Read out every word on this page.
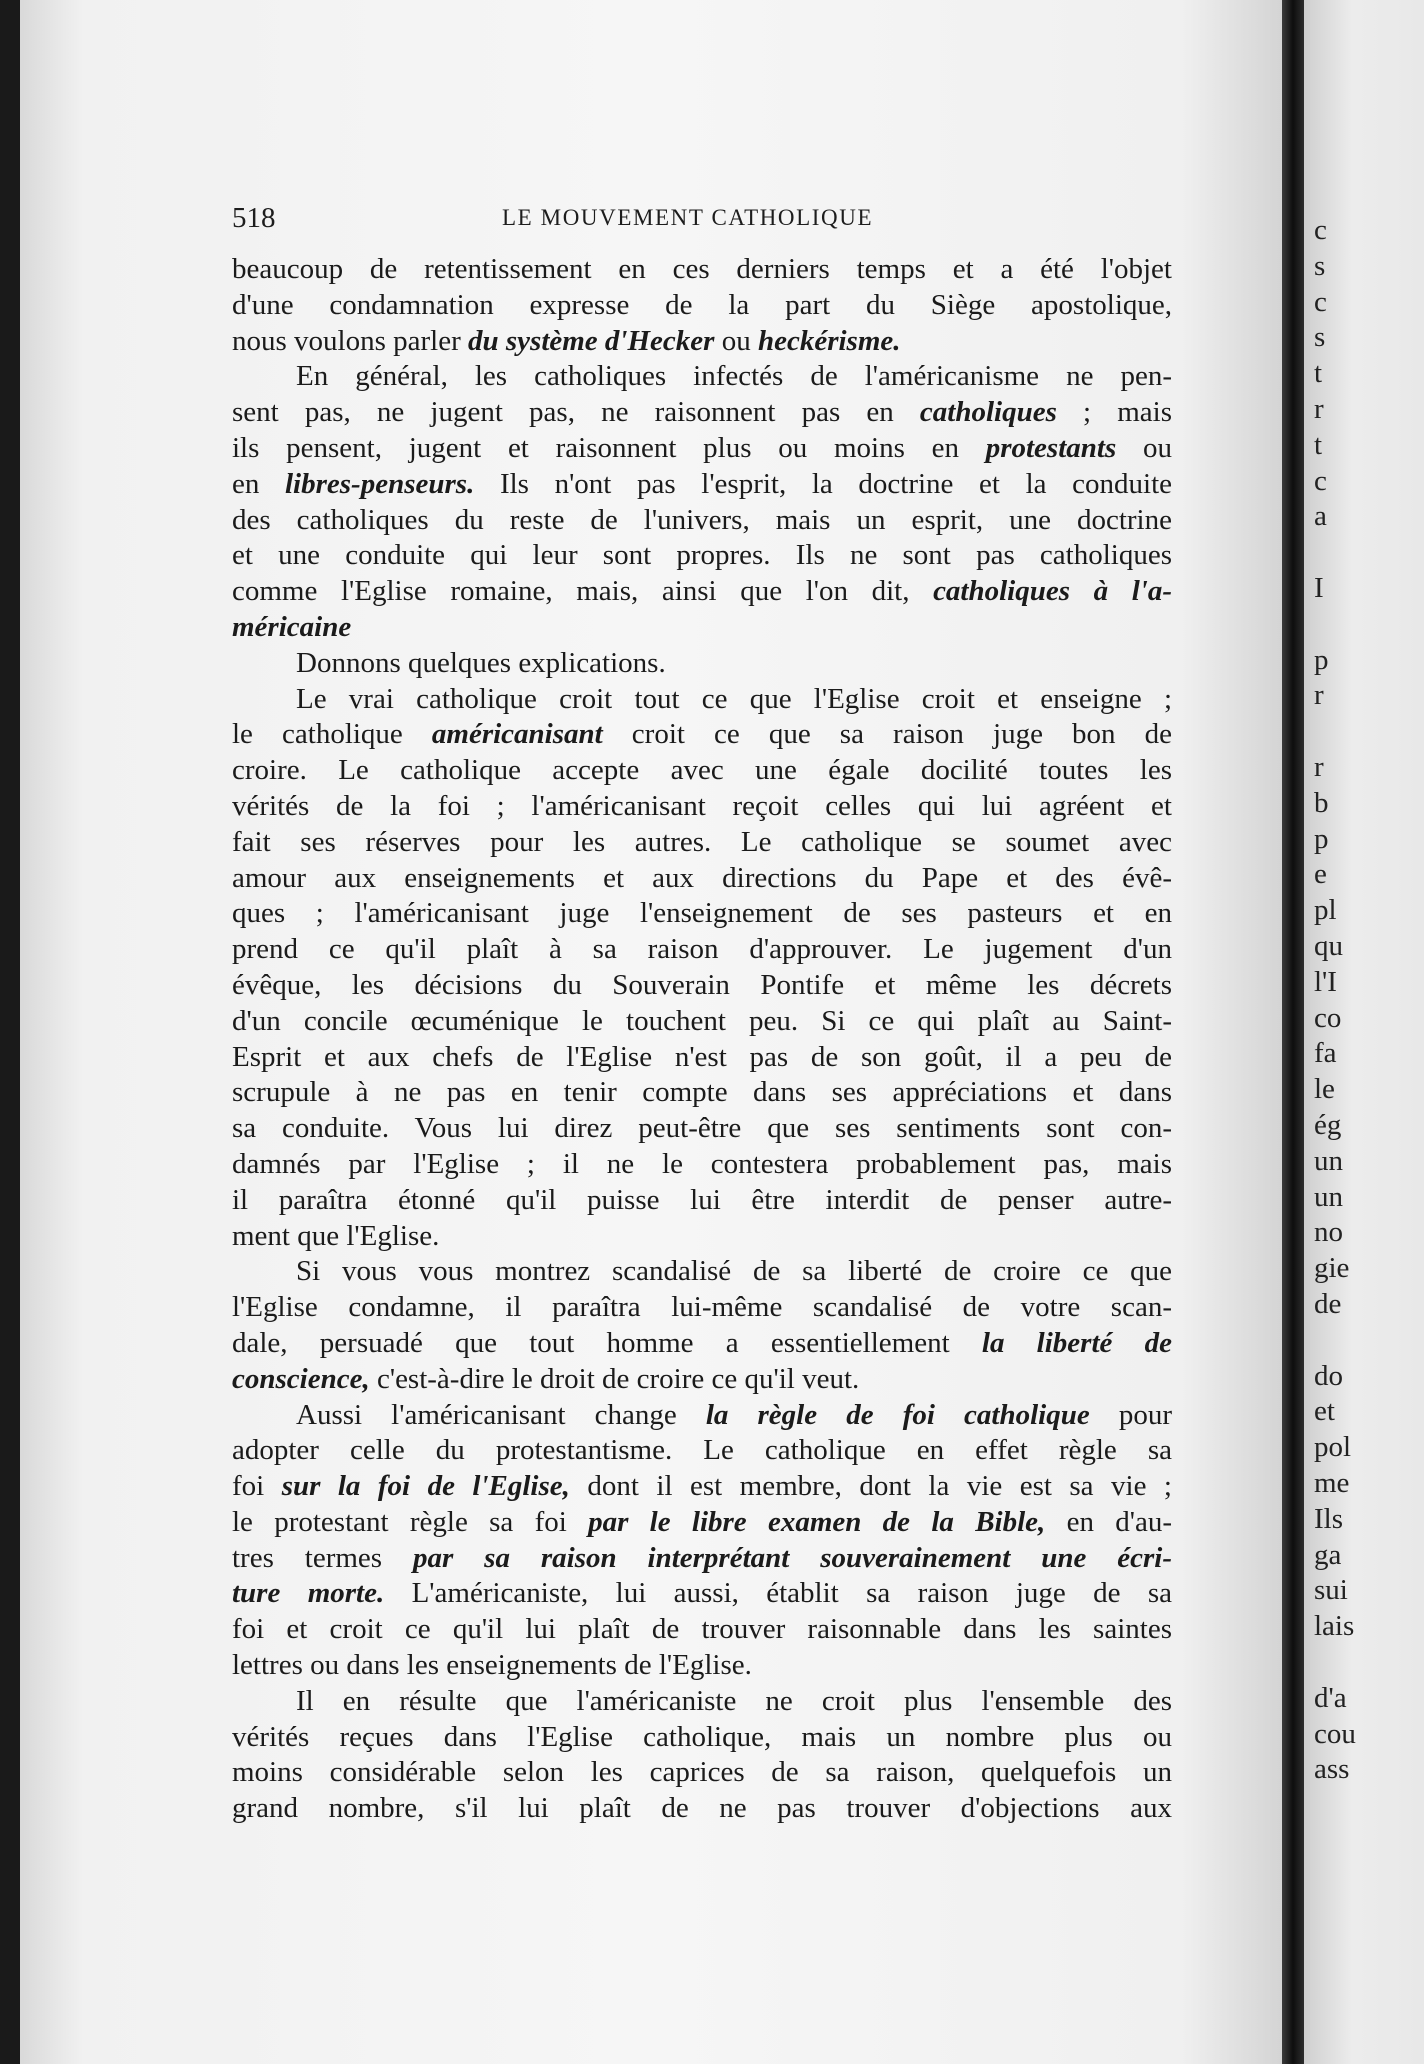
c
s
c
s
t
r
t
c
a
I
p
r
r
b
p
e
pl
qu
l'I
co
fa
le
ég
un
un
no
gie
de
do
et
pol
me
Ils
ga
sui
lais
d'a
cou
ass
518	LE MOUVEMENT CATHOLIQUE
beaucoup de retentissement en ces derniers temps et a été l'objet
d'une condamnation expresse de la part du Siège apostolique,
nous voulons parler du système d'Hecker ou heckérisme.
En général, les catholiques infectés de l'américanisme ne pen-
sent pas, ne jugent pas, ne raisonnent pas en catholiques ; mais
ils pensent, jugent et raisonnent plus ou moins en protestants ou
en libres-penseurs. Ils n'ont pas l'esprit, la doctrine et la conduite
des catholiques du reste de l'univers, mais un esprit, une doctrine
et une conduite qui leur sont propres. Ils ne sont pas catholiques
comme l'Eglise romaine, mais, ainsi que l'on dit, catholiques à l'a-
méricaine
Donnons quelques explications.
Le vrai catholique croit tout ce que l'Eglise croit et enseigne ;
le catholique américanisant croit ce que sa raison juge bon de
croire. Le catholique accepte avec une égale docilité toutes les
vérités de la foi ; l'américanisant reçoit celles qui lui agréent et
fait ses réserves pour les autres. Le catholique se soumet avec
amour aux enseignements et aux directions du Pape et des évê-
ques ; l'américanisant juge l'enseignement de ses pasteurs et en
prend ce qu'il plaît à sa raison d'approuver. Le jugement d'un
évêque, les décisions du Souverain Pontife et même les décrets
d'un concile œcuménique le touchent peu. Si ce qui plaît au Saint-
Esprit et aux chefs de l'Eglise n'est pas de son goût, il a peu de
scrupule à ne pas en tenir compte dans ses appréciations et dans
sa conduite. Vous lui direz peut-être que ses sentiments sont con-
damnés par l'Eglise ; il ne le contestera probablement pas, mais
il paraîtra étonné qu'il puisse lui être interdit de penser autre-
ment que l'Eglise.
Si vous vous montrez scandalisé de sa liberté de croire ce que
l'Eglise condamne, il paraîtra lui-même scandalisé de votre scan-
dale, persuadé que tout homme a essentiellement la liberté de
conscience, c'est-à-dire le droit de croire ce qu'il veut.
Aussi l'américanisant change la règle de foi catholique pour
adopter celle du protestantisme. Le catholique en effet règle sa
foi sur la foi de l'Eglise, dont il est membre, dont la vie est sa vie ;
le protestant règle sa foi par le libre examen de la Bible, en d'au-
tres termes par sa raison interprétant souverainement une écri-
ture morte. L'américaniste, lui aussi, établit sa raison juge de sa
foi et croit ce qu'il lui plaît de trouver raisonnable dans les saintes
lettres ou dans les enseignements de l'Eglise.
Il en résulte que l'américaniste ne croit plus l'ensemble des
vérités reçues dans l'Eglise catholique, mais un nombre plus ou
moins considérable selon les caprices de sa raison, quelquefois un
grand nombre, s'il lui plaît de ne pas trouver d'objections aux
